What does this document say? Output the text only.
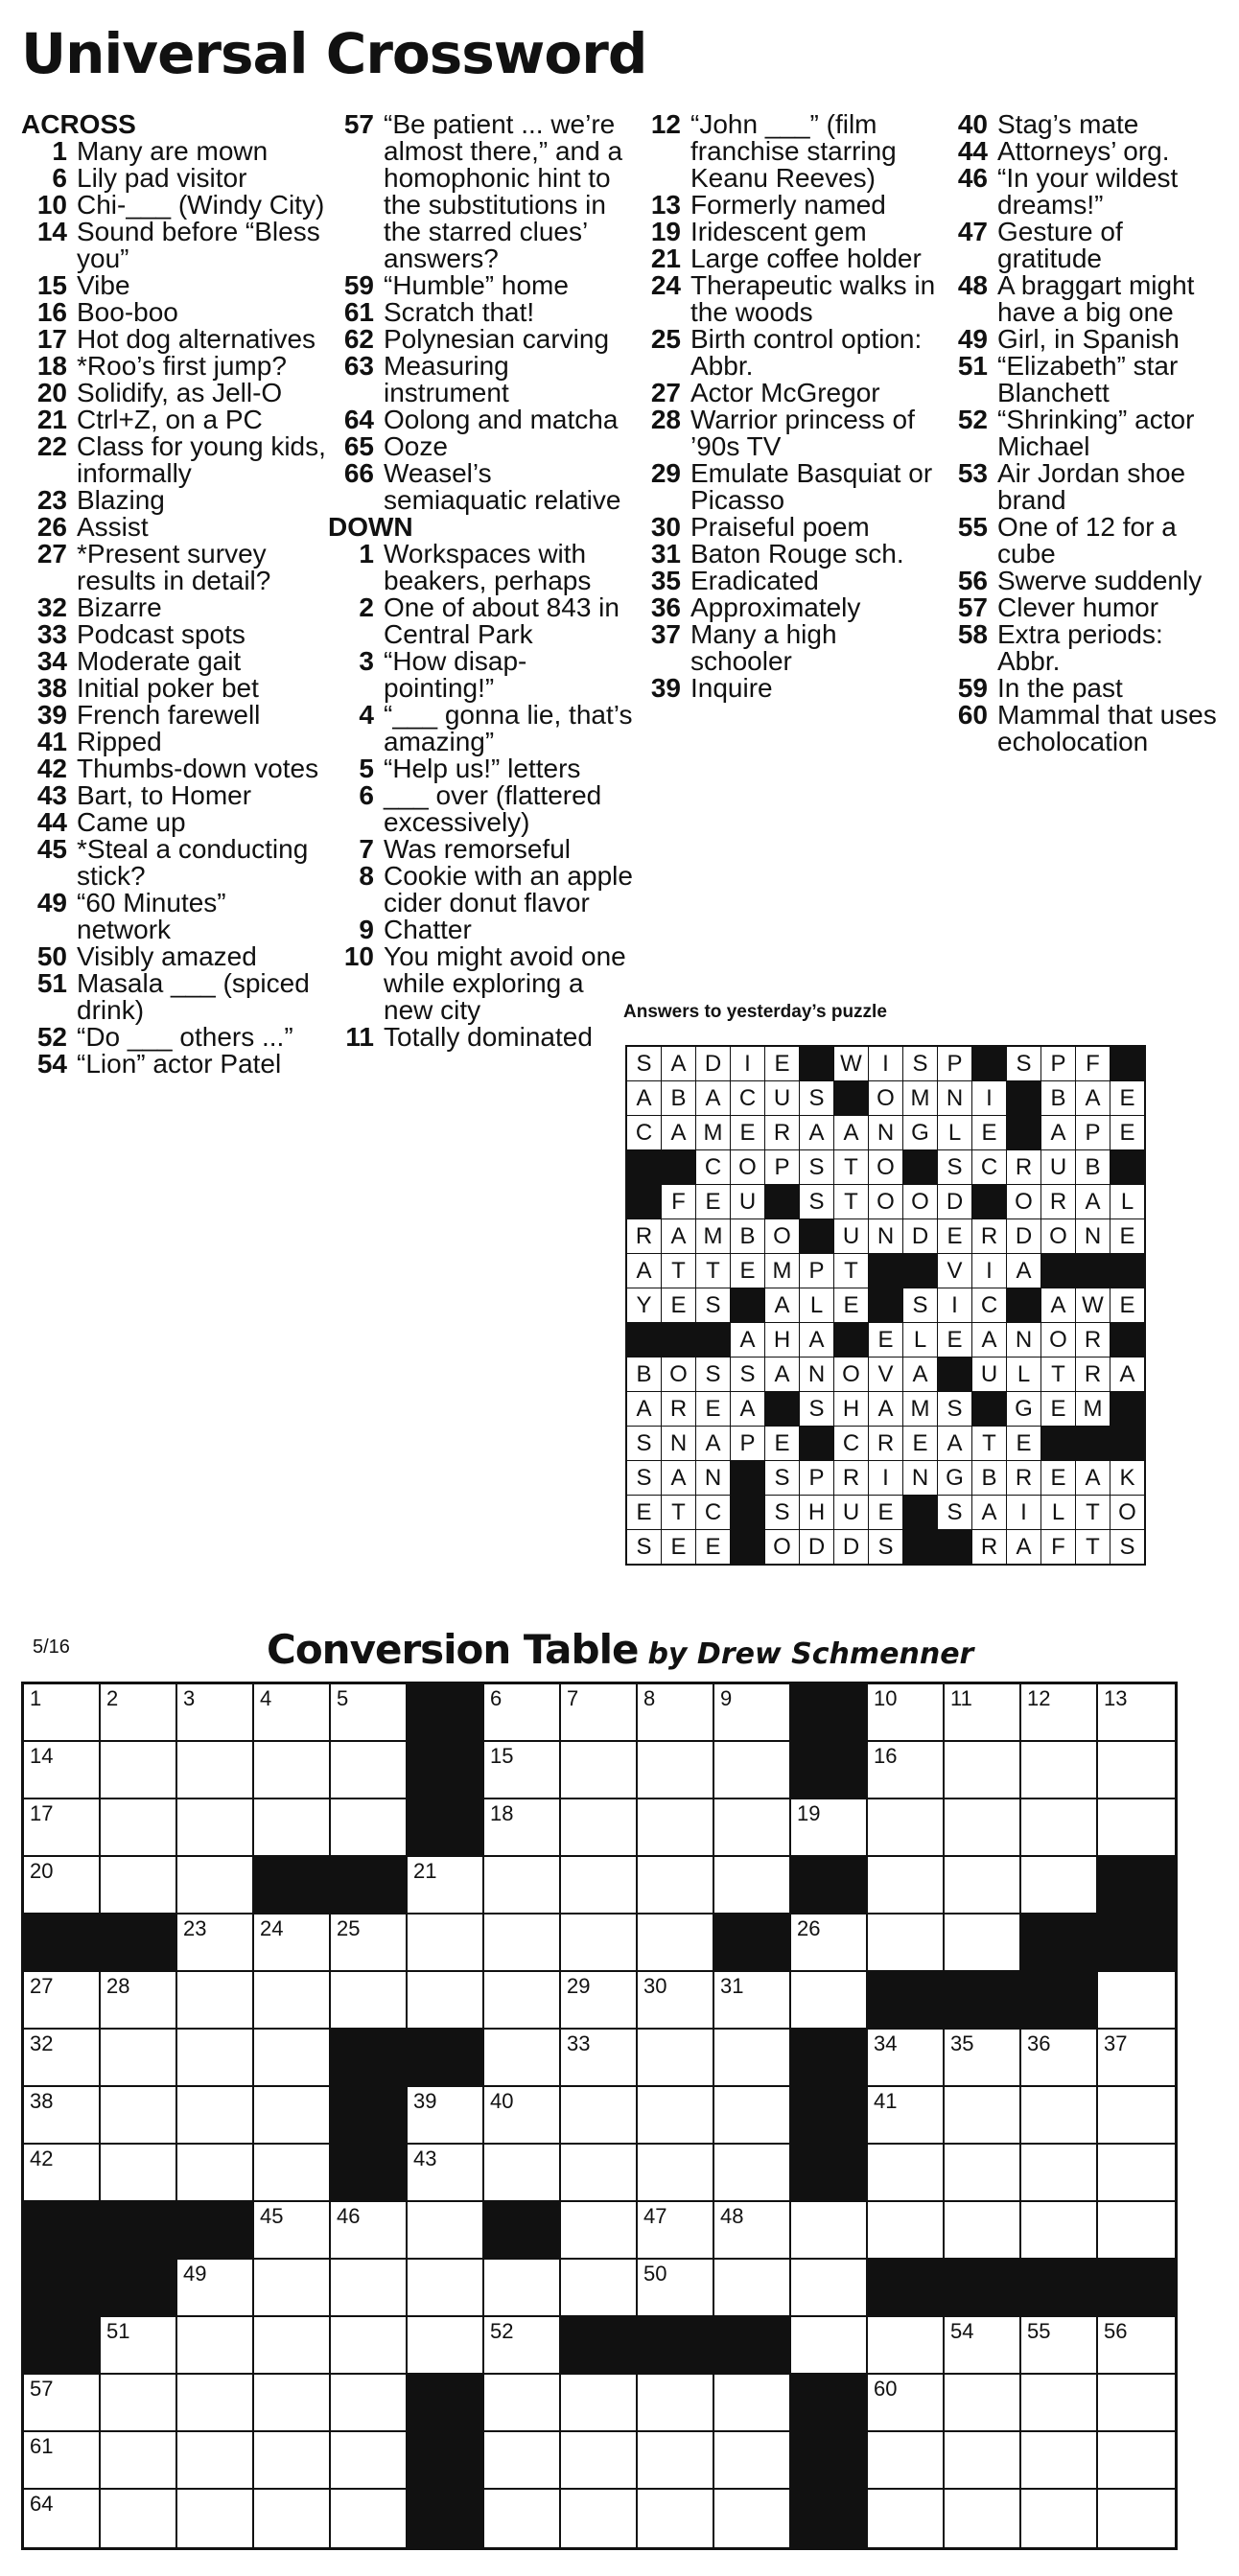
Universal Crossword
ACROSS
1 Many are mown
6 Lily pad visitor
10 Chi-___ (Windy City)
14 Sound before “Bless you”
15 Vibe
16 Boo-boo
17 Hot dog alternatives
18 *Roo’s first jump?
20 Solidify, as Jell-O
21 Ctrl+Z, on a PC
22 Class for young kids, informally
23 Blazing
26 Assist
27 *Present survey results in detail?
32 Bizarre
33 Podcast spots
34 Moderate gait
38 Initial poker bet
39 French farewell
41 Ripped
42 Thumbs-down votes
43 Bart, to Homer
44 Came up
45 *Steal a conducting stick?
49 “60 Minutes” network
50 Visibly amazed
51 Masala ___ (spiced drink)
52 “Do ___ others ...”
54 “Lion” actor Patel
57 “Be patient ... we’re almost there,” and a homophonic hint to the substitutions in the starred clues’ answers?
59 “Humble” home
61 Scratch that!
62 Polynesian carving
63 Measuring instrument
64 Oolong and matcha
65 Ooze
66 Weasel’s semiaquatic relative
DOWN
1 Workspaces with beakers, perhaps
2 One of about 843 in Central Park
3 “How disap-pointing!”
4 “___ gonna lie, that’s amazing”
5 “Help us!” letters
6 ___ over (flattered excessively)
7 Was remorseful
8 Cookie with an apple cider donut flavor
9 Chatter
10 You might avoid one while exploring a new city
11 Totally dominated
12 “John ___” (film franchise starring Keanu Reeves)
13 Formerly named
19 Iridescent gem
21 Large coffee holder
24 Therapeutic walks in the woods
25 Birth control option: Abbr.
27 Actor McGregor
28 Warrior princess of ’90s TV
29 Emulate Basquiat or Picasso
30 Praiseful poem
31 Baton Rouge sch.
35 Eradicated
36 Approximately
37 Many a high schooler
39 Inquire
40 Stag’s mate
44 Attorneys’ org.
46 “In your wildest dreams!”
47 Gesture of gratitude
48 A braggart might have a big one
49 Girl, in Spanish
51 “Elizabeth” star Blanchett
52 “Shrinking” actor Michael
53 Air Jordan shoe brand
55 One of 12 for a cube
56 Swerve suddenly
57 Clever humor
58 Extra periods: Abbr.
59 In the past
60 Mammal that uses echolocation
Answers to yesterday’s puzzle
S A D I	E	W I	S P	S P F
A B A C U S	O M N I	B A E
C A M E R A A N G L E	A P E
C O P S T O	S C R U B
F E U	S T O O D	O R A L
R A M B O	U N D E R D O N E
A T T E M P T	V	I	A
Y E S	A L E	S	I	C	A W E
A H A	E L E A N O R
B O S S A N O V A	U L T R A
A R E A	S H A M S	G E M
S N A P E	C R E A T E
S A N	S P R I	N G B R E A K
E T C	S H U E	S A	I	L T O
S E E	O D D S	R A F T S
5/16	Conversion Table by Drew Schmenner
1	2	3	4	5	6	7	8	9	10	11	12	13
14	15	16
17	18	19
20	21
23	24	25	26
27	28	29	30	31
32	33	34	35	36	37
38	39	40	41
42	43
45	46	47	48
49	50
51	52	54	55	56
57	60
61
64
